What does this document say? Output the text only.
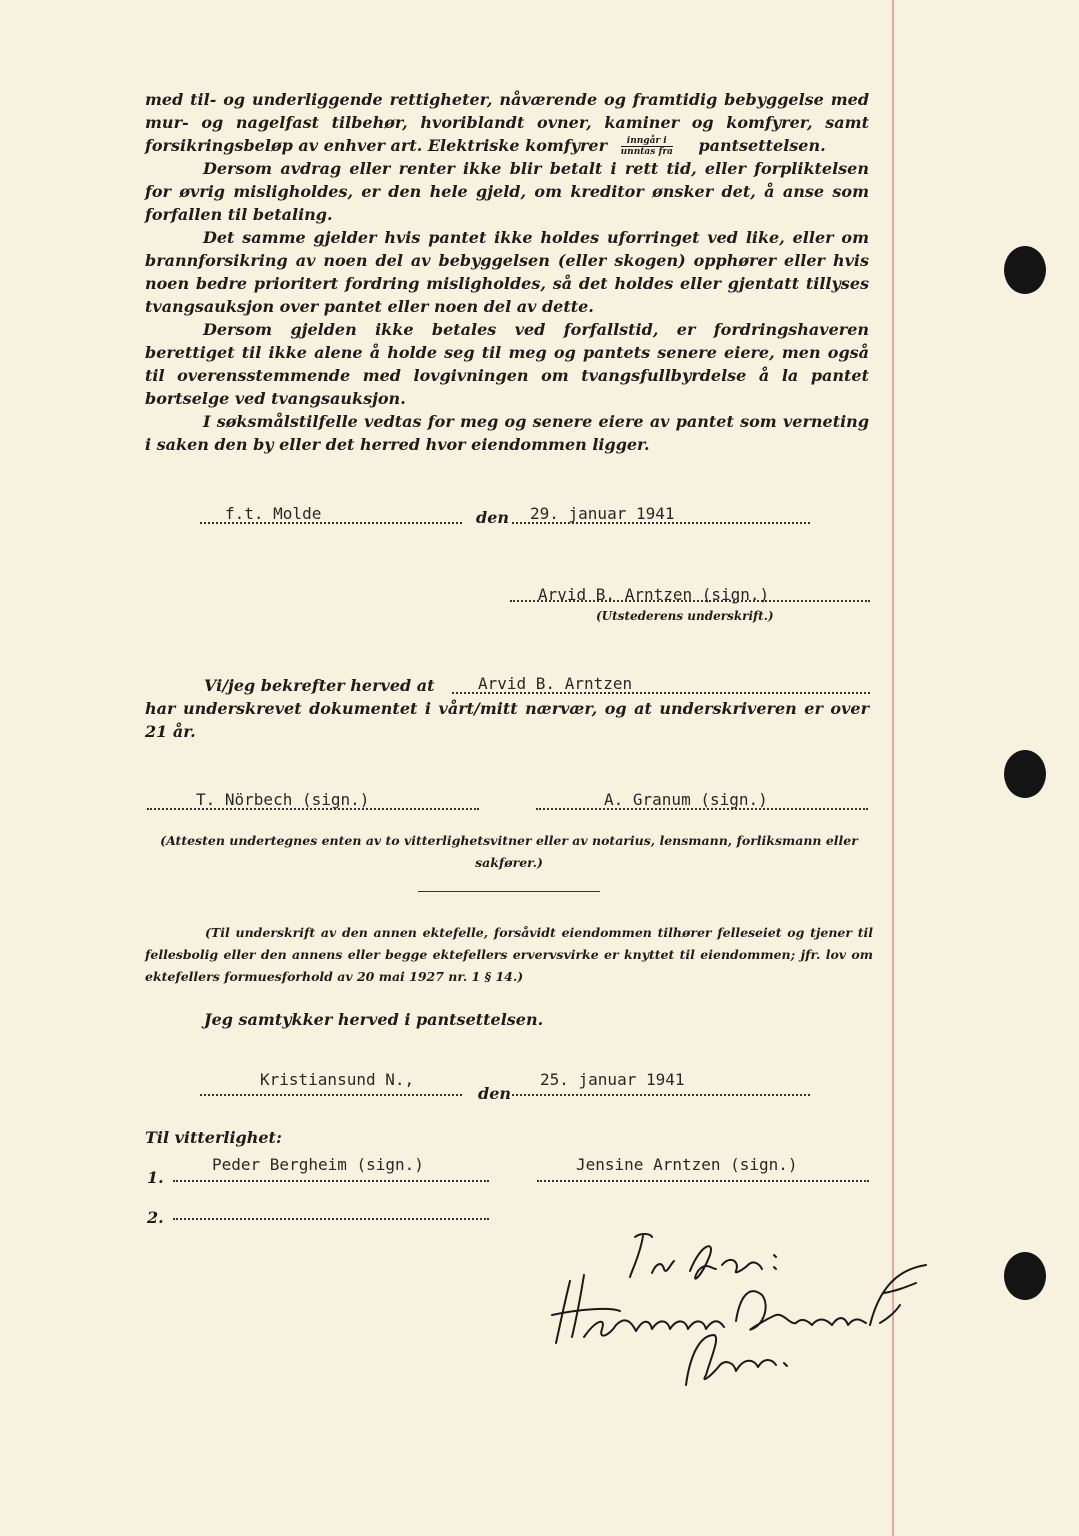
med til- og underliggende rettigheter, nåværende og framtidig bebyggelse med mur- og nagelfast tilbehør, hvoriblandt ovner, kaminer og komfyrer, samt forsikringsbeløp av enhver art. Elektriske komfyrer $\frac{\text{inngår i}}{\text{unntas fra}}$ pantsettelsen.

Dersom avdrag eller renter ikke blir betalt i rett tid, eller forpliktelsen for øvrig misligholdes, er den hele gjeld, om kreditor ønsker det, å anse som forfallen til betaling.

Det samme gjelder hvis pantet ikke holdes uforringet ved like, eller om brannforsikring av noen del av bebyggelsen (eller skogen) opphører eller hvis noen bedre prioritert fordring misligholdes, så det holdes eller gjentatt tillyses tvangsauksjon over pantet eller noen del av dette.

Dersom gjelden ikke betales ved forfallstid, er fordringshaveren berettiget til ikke alene å holde seg til meg og pantets senere eiere, men også til overensstemmende med lovgivningen om tvangsfullbyrdelse å la pantet bortselge ved tvangsauksjon.

I søksmålstilfelle vedtas for meg og senere eiere av pantet som verneting i saken den by eller det herred hvor eiendommen ligger.

f.t. Molde	den 29. januar 1941
Arvid B. Arntzen (sign.)
(Utstederens underskrift.)
Vi/jeg bekrefter herved at	Arvid B. Arntzen
har underskrevet dokumentet i vårt/mitt nærvær, og at underskriveren er over 21 år.
T. Nörbech (sign.)	A. Granum (sign.)
(Attesten undertegnes enten av to vitterlighetsvitner eller av notarius, lensmann, forliksmann eller sakfører.)
(Til underskrift av den annen ektefelle, forsåvidt eiendommen tilhører felleseiet og tjener til fellesbolig eller den annens eller begge ektefellers ervervsvirke er knyttet til eiendommen; jfr. lov om ektefellers formuesforhold av 20 mai 1927 nr. 1 § 14.)
Jeg samtykker herved i pantsettelsen.
Kristiansund N.,
den
25. januar 1941
Til vitterlighet:
1.
Peder Bergheim (sign.)	Jensine Arntzen (sign.)
2.
